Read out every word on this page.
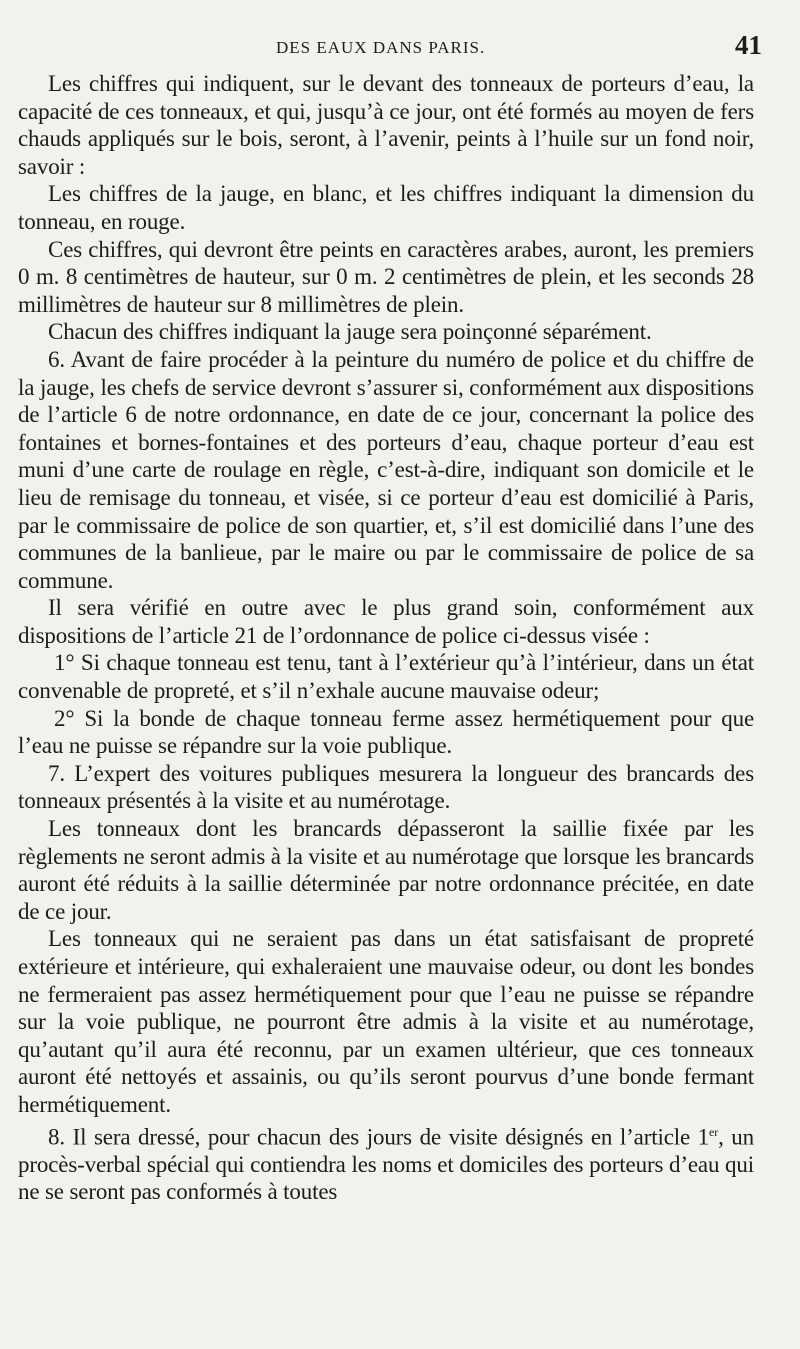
DES EAUX DANS PARIS.	41

Les chiffres qui indiquent, sur le devant des tonneaux de porteurs d’eau, la capacité de ces tonneaux, et qui, jusqu’à ce jour, ont été formés au moyen de fers chauds appliqués sur le bois, seront, à l’avenir, peints à l’huile sur un fond noir, savoir :

Les chiffres de la jauge, en blanc, et les chiffres indiquant la dimension du tonneau, en rouge.

Ces chiffres, qui devront être peints en caractères arabes, auront, les premiers 0 m. 8 centimètres de hauteur, sur 0 m. 2 centimètres de plein, et les seconds 28 millimètres de hauteur sur 8 millimètres de plein.

Chacun des chiffres indiquant la jauge sera poinçonné séparément.

6. Avant de faire procéder à la peinture du numéro de police et du chiffre de la jauge, les chefs de service devront s’assurer si, conformément aux dispositions de l’article 6 de notre ordonnance, en date de ce jour, concernant la police des fontaines et bornes-fontaines et des porteurs d’eau, chaque porteur d’eau est muni d’une carte de roulage en règle, c’est-à-dire, indiquant son domicile et le lieu de remisage du tonneau, et visée, si ce porteur d’eau est domicilié à Paris, par le commissaire de police de son quartier, et, s’il est domicilié dans l’une des communes de la banlieue, par le maire ou par le commissaire de police de sa commune.

Il sera vérifié en outre avec le plus grand soin, conformément aux dispositions de l’article 21 de l’ordonnance de police ci-dessus visée :

1° Si chaque tonneau est tenu, tant à l’extérieur qu’à l’intérieur, dans un état convenable de propreté, et s’il n’exhale aucune mauvaise odeur;

2° Si la bonde de chaque tonneau ferme assez hermétiquement pour que l’eau ne puisse se répandre sur la voie publique.

7. L’expert des voitures publiques mesurera la longueur des brancards des tonneaux présentés à la visite et au numérotage.

Les tonneaux dont les brancards dépasseront la saillie fixée par les règlements ne seront admis à la visite et au numérotage que lorsque les brancards auront été réduits à la saillie déterminée par notre ordonnance précitée, en date de ce jour.

Les tonneaux qui ne seraient pas dans un état satisfaisant de propreté extérieure et intérieure, qui exhaleraient une mauvaise odeur, ou dont les bondes ne fermeraient pas assez hermétiquement pour que l’eau ne puisse se répandre sur la voie publique, ne pourront être admis à la visite et au numérotage, qu’autant qu’il aura été reconnu, par un examen ultérieur, que ces tonneaux auront été nettoyés et assainis, ou qu’ils seront pourvus d’une bonde fermant hermétiquement.

8. Il sera dressé, pour chacun des jours de visite désignés en l’article 1er, un procès-verbal spécial qui contiendra les noms et domiciles des porteurs d’eau qui ne se seront pas conformés à toutes
